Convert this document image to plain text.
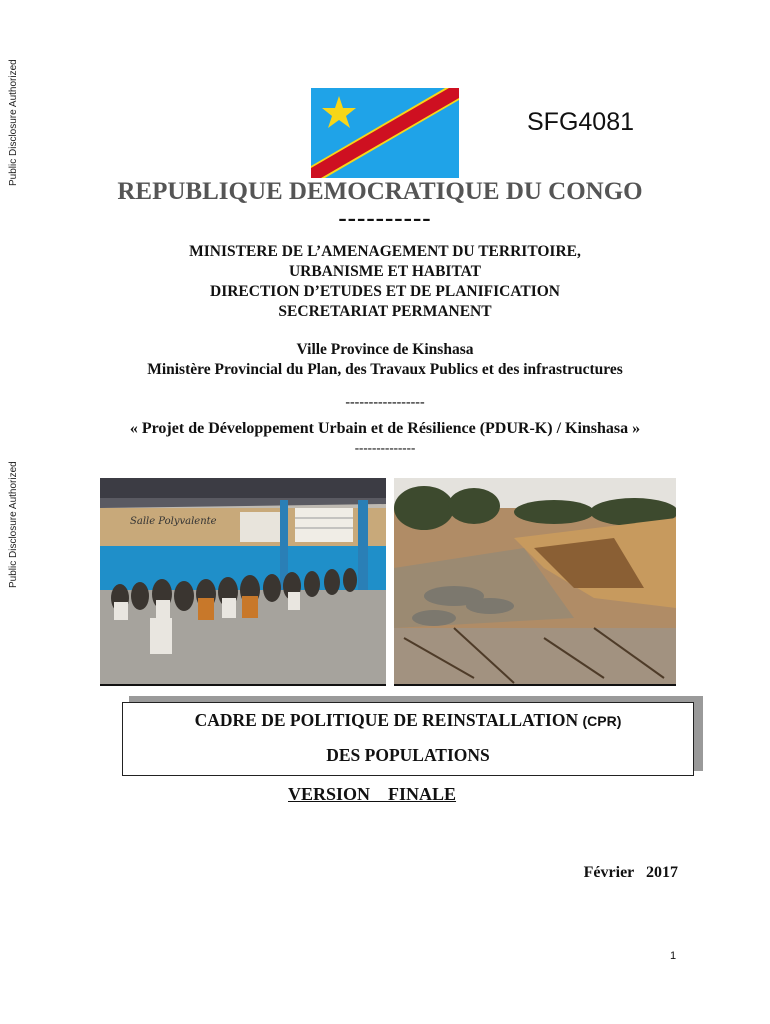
Public Disclosure Authorized
Public Disclosure Authorized
SFG4081
REPUBLIQUE DEMOCRATIQUE DU CONGO
----------
MINISTERE DE L’AMENAGEMENT DU TERRITOIRE,
URBANISME ET HABITAT
DIRECTION D’ETUDES ET DE PLANIFICATION
SECRETARIAT PERMANENT
Ville Province de Kinshasa
Ministère Provincial du Plan, des Travaux Publics et des infrastructures
-----------------
« Projet de Développement Urbain et de Résilience (PDUR-K) / Kinshasa »
--------------
Salle Polyvalente
CADRE DE POLITIQUE DE REINSTALLATION (CPR)
DES POPULATIONS
VERSION    FINALE
Février   2017
1
